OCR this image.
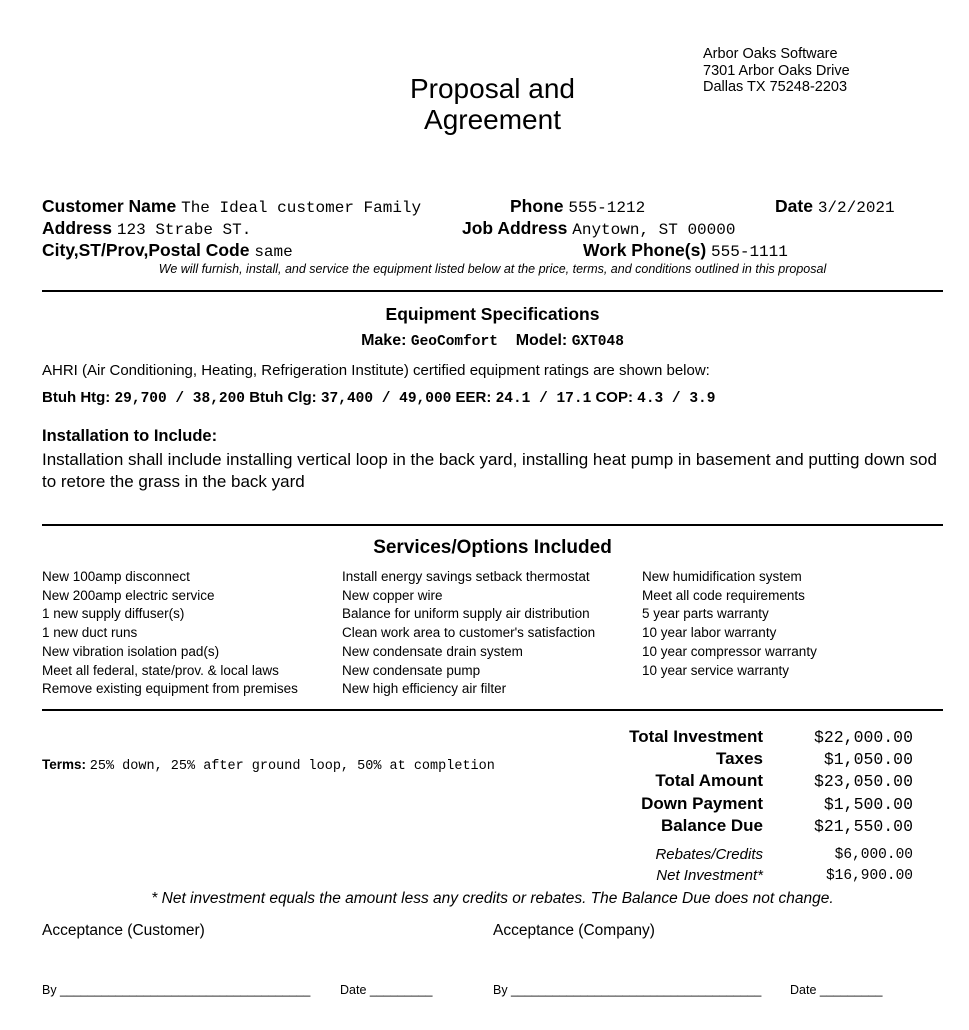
Arbor Oaks Software
7301 Arbor Oaks Drive
Dallas TX 75248-2203
Proposal and
Agreement
Customer Name The Ideal customer Family	Phone 555-1212	Date 3/2/2021
Address 123 Strabe ST.	Job Address Anytown, ST 00000
City,ST/Prov,Postal Code same	Work Phone(s) 555-1111
We will furnish, install, and service the equipment listed below at the price, terms, and conditions outlined in this proposal
Equipment Specifications
Make: GeoComfort Model: GXT048
AHRI (Air Conditioning, Heating, Refrigeration Institute) certified equipment ratings are shown below:
Btuh Htg: 29,700 / 38,200 Btuh Clg: 37,400 / 49,000 EER: 24.1 / 17.1 COP: 4.3 / 3.9
Installation to Include:
Installation shall include installing vertical loop in the back yard, installing heat pump in basement and putting down sod to retore the grass in the back yard
Services/Options Included
New 100amp disconnect
New 200amp electric service
1 new supply diffuser(s)
1 new duct runs
New vibration isolation pad(s)
Meet all federal, state/prov. & local laws
Remove existing equipment from premises
Install energy savings setback thermostat
New copper wire
Balance for uniform supply air distribution
Clean work area to customer's satisfaction
New condensate drain system
New condensate pump
New high efficiency air filter
New humidification system
Meet all code requirements
5 year parts warranty
10 year labor warranty
10 year compressor warranty
10 year service warranty
Terms: 25% down, 25% after ground loop, 50% at completion
Total Investment	$22,000.00
Taxes	$1,050.00
Total Amount	$23,050.00
Down Payment	$1,500.00
Balance Due	$21,550.00
Rebates/Credits	$6,000.00
Net Investment*	$16,900.00
* Net investment equals the amount less any credits or rebates. The Balance Due does not change.
Acceptance (Customer)	Acceptance (Company)
By ____________________________________ Date _________	By ____________________________________ Date _________
